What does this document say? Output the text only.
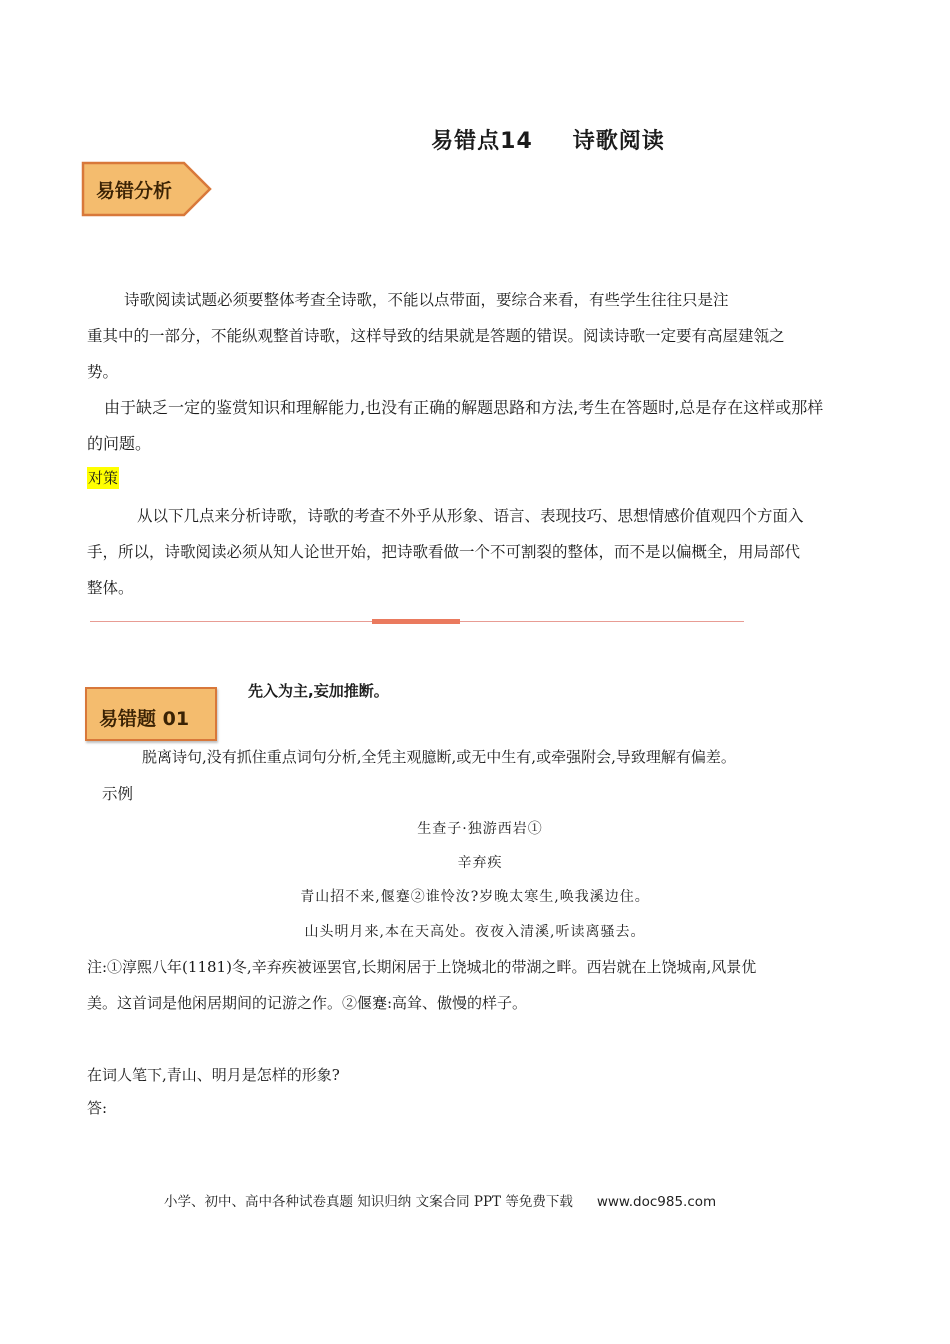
易错点14 诗歌阅读
易错分析
诗歌阅读试题必须要整体考查全诗歌，不能以点带面，要综合来看，有些学生往往只是注
重其中的一部分，不能纵观整首诗歌，这样导致的结果就是答题的错误。阅读诗歌一定要有高屋建瓴之
势。
由于缺乏一定的鉴赏知识和理解能力,也没有正确的解题思路和方法,考生在答题时,总是存在这样或那样
的问题。
对策
从以下几点来分析诗歌，诗歌的考查不外乎从形象、语言、表现技巧、思想情感价值观四个方面入
手，所以，诗歌阅读必须从知人论世开始，把诗歌看做一个不可割裂的整体，而不是以偏概全，用局部代
整体。
易错题 01
先入为主,妄加推断。
脱离诗句,没有抓住重点词句分析,全凭主观臆断,或无中生有,或牵强附会,导致理解有偏差。
示例
生查子·独游西岩①
辛弃疾
青山招不来,偃蹇②谁怜汝?岁晚太寒生,唤我溪边住。
山头明月来,本在天高处。夜夜入清溪,听读离骚去。
注:①淳熙八年(1181)冬,辛弃疾被诬罢官,长期闲居于上饶城北的带湖之畔。西岩就在上饶城南,风景优
美。这首词是他闲居期间的记游之作。②偃蹇:高耸、傲慢的样子。
在词人笔下,青山、明月是怎样的形象?
答:
小学、初中、高中各种试卷真题 知识归纳 文案合同 PPT 等免费下载 www.doc985.com
